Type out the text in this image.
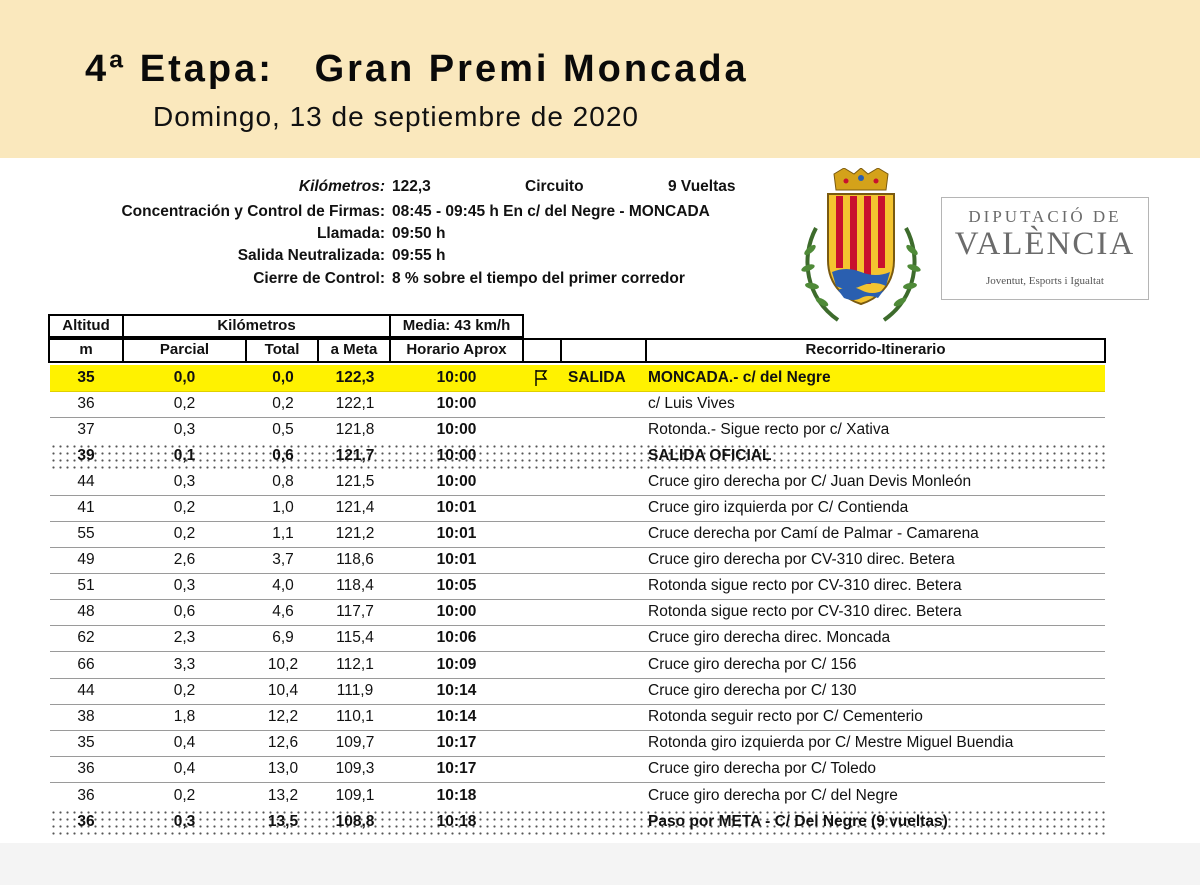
4ª Etapa:   Gran Premi Moncada
Domingo, 13 de septiembre de 2020
Kilómetros: 122,3	Circuito	9 Vueltas
Concentración y Control de Firmas: 08:45 - 09:45 h En c/ del Negre - MONCADA
Llamada: 09:50 h
Salida Neutralizada: 09:55 h
Cierre de Control: 8 % sobre el tiempo del primer corredor
DIPUTACIÓ DE
VALÈNCIA
Joventut, Esports i Igualtat
Altitud	Kilómetros	Media: 43 km/h
m	Parcial	Total	a Meta	Horario Aprox	Recorrido-Itinerario
35	0,0	0,0	122,3	10:00	SALIDA	MONCADA.- c/ del Negre
36	0,2	0,2	122,1	10:00	c/ Luis Vives
37	0,3	0,5	121,8	10:00	Rotonda.- Sigue recto por c/ Xativa
39	0,1	0,6	121,7	10:00	SALIDA OFICIAL
44	0,3	0,8	121,5	10:00	Cruce giro derecha por C/ Juan Devis Monleón
41	0,2	1,0	121,4	10:01	Cruce giro izquierda por C/ Contienda
55	0,2	1,1	121,2	10:01	Cruce derecha por Camí de Palmar - Camarena
49	2,6	3,7	118,6	10:01	Cruce giro derecha por CV-310 direc. Betera
51	0,3	4,0	118,4	10:05	Rotonda sigue recto por CV-310 direc. Betera
48	0,6	4,6	117,7	10:00	Rotonda sigue recto por CV-310 direc. Betera
62	2,3	6,9	115,4	10:06	Cruce giro derecha direc. Moncada
66	3,3	10,2	112,1	10:09	Cruce giro derecha por C/ 156
44	0,2	10,4	111,9	10:14	Cruce giro derecha por C/ 130
38	1,8	12,2	110,1	10:14	Rotonda seguir recto por C/ Cementerio
35	0,4	12,6	109,7	10:17	Rotonda giro izquierda por C/ Mestre Miguel Buendia
36	0,4	13,0	109,3	10:17	Cruce giro derecha por C/ Toledo
36	0,2	13,2	109,1	10:18	Cruce giro derecha por C/ del Negre
36	0,3	13,5	108,8	10:18	Paso por META - C/ Del Negre (9 vueltas)
